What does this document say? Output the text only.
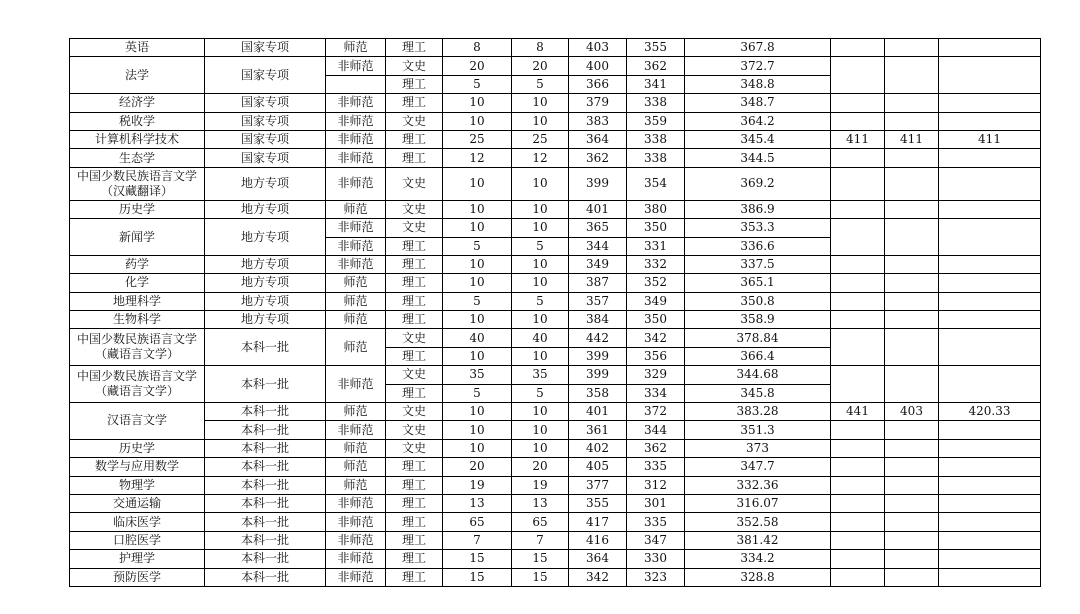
英语	国家专项	师范	理工	8	8	403	355	367.8			
法学	国家专项	非师范	文史	20	20	400	362	372.7			
			理工	5	5	366	341	348.8			
经济学	国家专项	非师范	理工	10	10	379	338	348.7			
税收学	国家专项	非师范	文史	10	10	383	359	364.2			
计算机科学技术	国家专项	非师范	理工	25	25	364	338	345.4	411	411	411
生态学	国家专项	非师范	理工	12	12	362	338	344.5			
中国少数民族语言文学（汉藏翻译）	地方专项	非师范	文史	10	10	399	354	369.2			
历史学	地方专项	师范	文史	10	10	401	380	386.9			
新闻学	地方专项	非师范	文史	10	10	365	350	353.3			
		非师范	理工	5	5	344	331	336.6			
药学	地方专项	非师范	理工	10	10	349	332	337.5			
化学	地方专项	师范	理工	10	10	387	352	365.1			
地理科学	地方专项	师范	理工	5	5	357	349	350.8			
生物科学	地方专项	师范	理工	10	10	384	350	358.9			
中国少数民族语言文学（藏语言文学）	本科一批	师范	文史	40	40	442	342	378.84			
			理工	10	10	399	356	366.4			
中国少数民族语言文学（藏语言文学）	本科一批	非师范	文史	35	35	399	329	344.68			
			理工	5	5	358	334	345.8			
汉语言文学	本科一批	师范	文史	10	10	401	372	383.28	441	403	420.33
	本科一批	非师范	文史	10	10	361	344	351.3			
历史学	本科一批	师范	文史	10	10	402	362	373			
数学与应用数学	本科一批	师范	理工	20	20	405	335	347.7			
物理学	本科一批	师范	理工	19	19	377	312	332.36			
交通运输	本科一批	非师范	理工	13	13	355	301	316.07			
临床医学	本科一批	非师范	理工	65	65	417	335	352.58			
口腔医学	本科一批	非师范	理工	7	7	416	347	381.42			
护理学	本科一批	非师范	理工	15	15	364	330	334.2			
预防医学	本科一批	非师范	理工	15	15	342	323	328.8			
